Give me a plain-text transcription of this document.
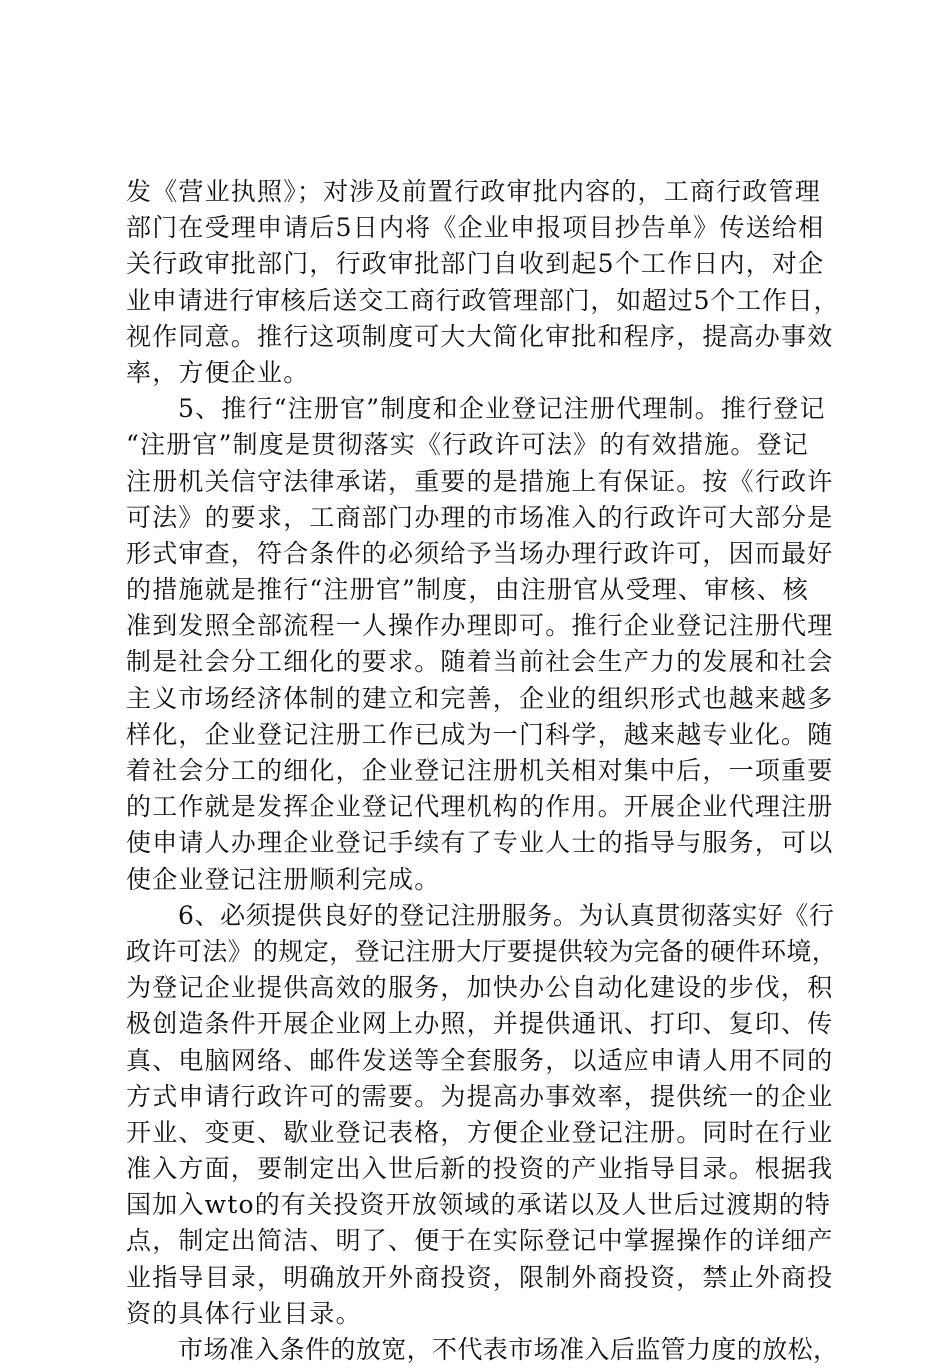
发《营业执照》；对涉及前置行政审批内容的，工商行政管理
部门在受理申请后5日内将《企业申报项目抄告单》传送给相
关行政审批部门，行政审批部门自收到起5个工作日内，对企
业申请进行审核后送交工商行政管理部门，如超过5个工作日，
视作同意。推行这项制度可大大简化审批和程序，提高办事效
率，方便企业。
5、推行“注册官”制度和企业登记注册代理制。推行登记
“注册官”制度是贯彻落实《行政许可法》的有效措施。登记
注册机关信守法律承诺，重要的是措施上有保证。按《行政许
可法》的要求，工商部门办理的市场准入的行政许可大部分是
形式审查，符合条件的必须给予当场办理行政许可，因而最好
的措施就是推行“注册官”制度，由注册官从受理、审核、核
准到发照全部流程一人操作办理即可。推行企业登记注册代理
制是社会分工细化的要求。随着当前社会生产力的发展和社会
主义市场经济体制的建立和完善，企业的组织形式也越来越多
样化，企业登记注册工作已成为一门科学，越来越专业化。随
着社会分工的细化，企业登记注册机关相对集中后，一项重要
的工作就是发挥企业登记代理机构的作用。开展企业代理注册
使申请人办理企业登记手续有了专业人士的指导与服务，可以
使企业登记注册顺利完成。
6、必须提供良好的登记注册服务。为认真贯彻落实好《行
政许可法》的规定，登记注册大厅要提供较为完备的硬件环境，
为登记企业提供高效的服务，加快办公自动化建设的步伐，积
极创造条件开展企业网上办照，并提供通讯、打印、复印、传
真、电脑网络、邮件发送等全套服务，以适应申请人用不同的
方式申请行政许可的需要。为提高办事效率，提供统一的企业
开业、变更、歇业登记表格，方便企业登记注册。同时在行业
准入方面，要制定出入世后新的投资的产业指导目录。根据我
国加入wto的有关投资开放领域的承诺以及人世后过渡期的特
点，制定出简洁、明了、便于在实际登记中掌握操作的详细产
业指导目录，明确放开外商投资，限制外商投资，禁止外商投
资的具体行业目录。
市场准入条件的放宽，不代表市场准入后监管力度的放松，
